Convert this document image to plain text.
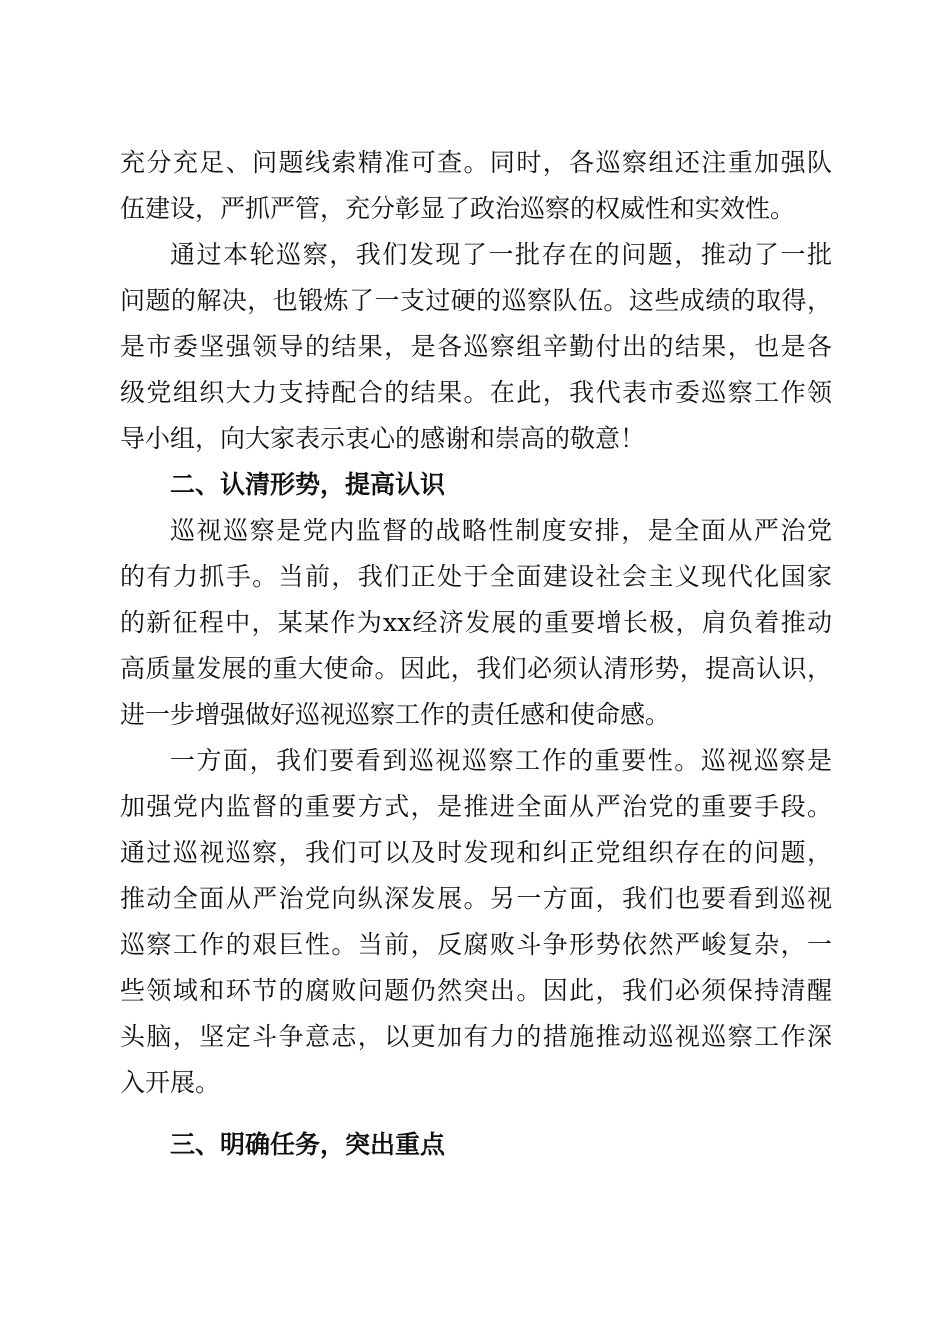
充分充足、问题线索精准可查。同时，各巡察组还注重加强队
伍建设，严抓严管，充分彰显了政治巡察的权威性和实效性。
通过本轮巡察，我们发现了一批存在的问题，推动了一批
问题的解决，也锻炼了一支过硬的巡察队伍。这些成绩的取得，
是市委坚强领导的结果，是各巡察组辛勤付出的结果，也是各
级党组织大力支持配合的结果。在此，我代表市委巡察工作领
导小组，向大家表示衷心的感谢和崇高的敬意！
二、认清形势，提高认识
巡视巡察是党内监督的战略性制度安排，是全面从严治党
的有力抓手。当前，我们正处于全面建设社会主义现代化国家
的新征程中，某某作为xx经济发展的重要增长极，肩负着推动
高质量发展的重大使命。因此，我们必须认清形势，提高认识，
进一步增强做好巡视巡察工作的责任感和使命感。
一方面，我们要看到巡视巡察工作的重要性。巡视巡察是
加强党内监督的重要方式，是推进全面从严治党的重要手段。
通过巡视巡察，我们可以及时发现和纠正党组织存在的问题，
推动全面从严治党向纵深发展。另一方面，我们也要看到巡视
巡察工作的艰巨性。当前，反腐败斗争形势依然严峻复杂，一
些领域和环节的腐败问题仍然突出。因此，我们必须保持清醒
头脑，坚定斗争意志，以更加有力的措施推动巡视巡察工作深
入开展。
三、明确任务，突出重点
